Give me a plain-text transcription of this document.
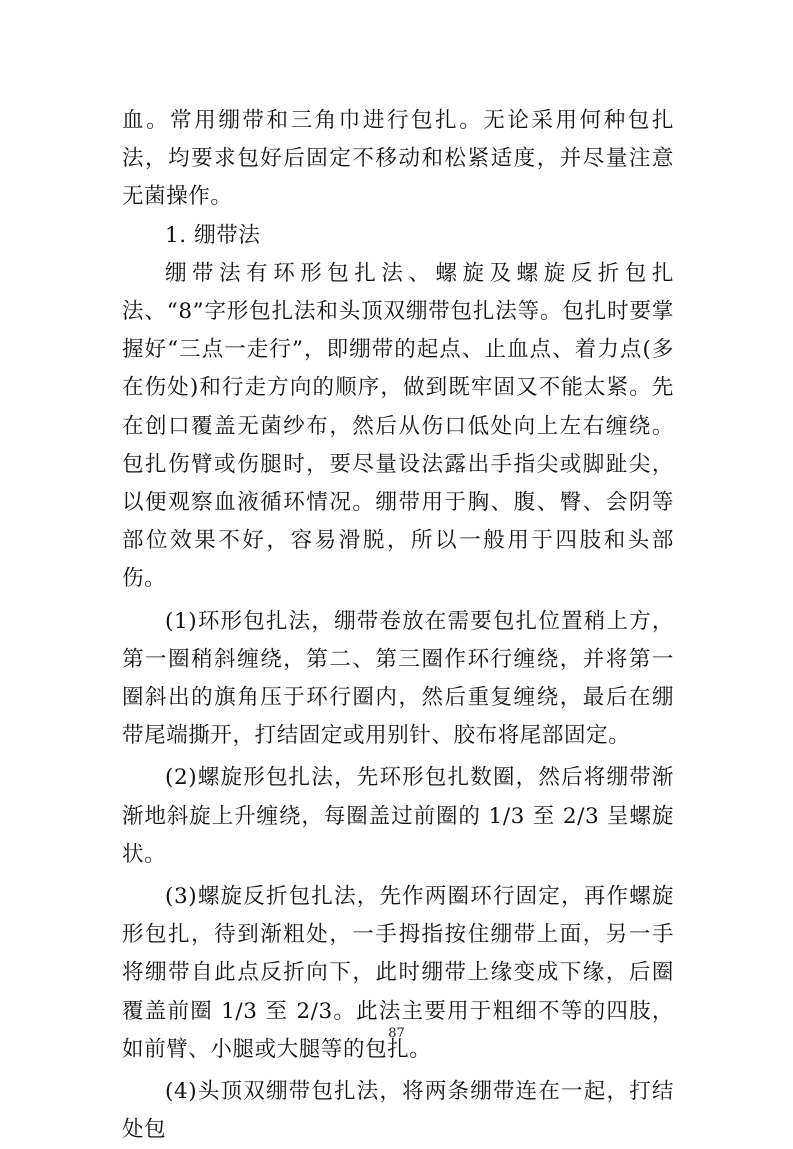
血。常用绷带和三角巾进行包扎。无论采用何种包扎法，均要求包好后固定不移动和松紧适度，并尽量注意无菌操作。

1. 绷带法

绷带法有环形包扎法、螺旋及螺旋反折包扎法、“8”字形包扎法和头顶双绷带包扎法等。包扎时要掌握好“三点一走行”，即绷带的起点、止血点、着力点(多在伤处)和行走方向的顺序，做到既牢固又不能太紧。先在创口覆盖无菌纱布，然后从伤口低处向上左右缠绕。包扎伤臂或伤腿时，要尽量设法露出手指尖或脚趾尖，以便观察血液循环情况。绷带用于胸、腹、臀、会阴等部位效果不好，容易滑脱，所以一般用于四肢和头部伤。

(1)环形包扎法，绷带卷放在需要包扎位置稍上方，第一圈稍斜缠绕，第二、第三圈作环行缠绕，并将第一圈斜出的旗角压于环行圈内，然后重复缠绕，最后在绷带尾端撕开，打结固定或用别针、胶布将尾部固定。

(2)螺旋形包扎法，先环形包扎数圈，然后将绷带渐渐地斜旋上升缠绕，每圈盖过前圈的 1/3 至 2/3 呈螺旋状。

(3)螺旋反折包扎法，先作两圈环行固定，再作螺旋形包扎，待到渐粗处，一手拇指按住绷带上面，另一手将绷带自此点反折向下，此时绷带上缘变成下缘，后圈覆盖前圈 1/3 至 2/3。此法主要用于粗细不等的四肢，如前臂、小腿或大腿等的包扎。

(4)头顶双绷带包扎法，将两条绷带连在一起，打结处包

87
